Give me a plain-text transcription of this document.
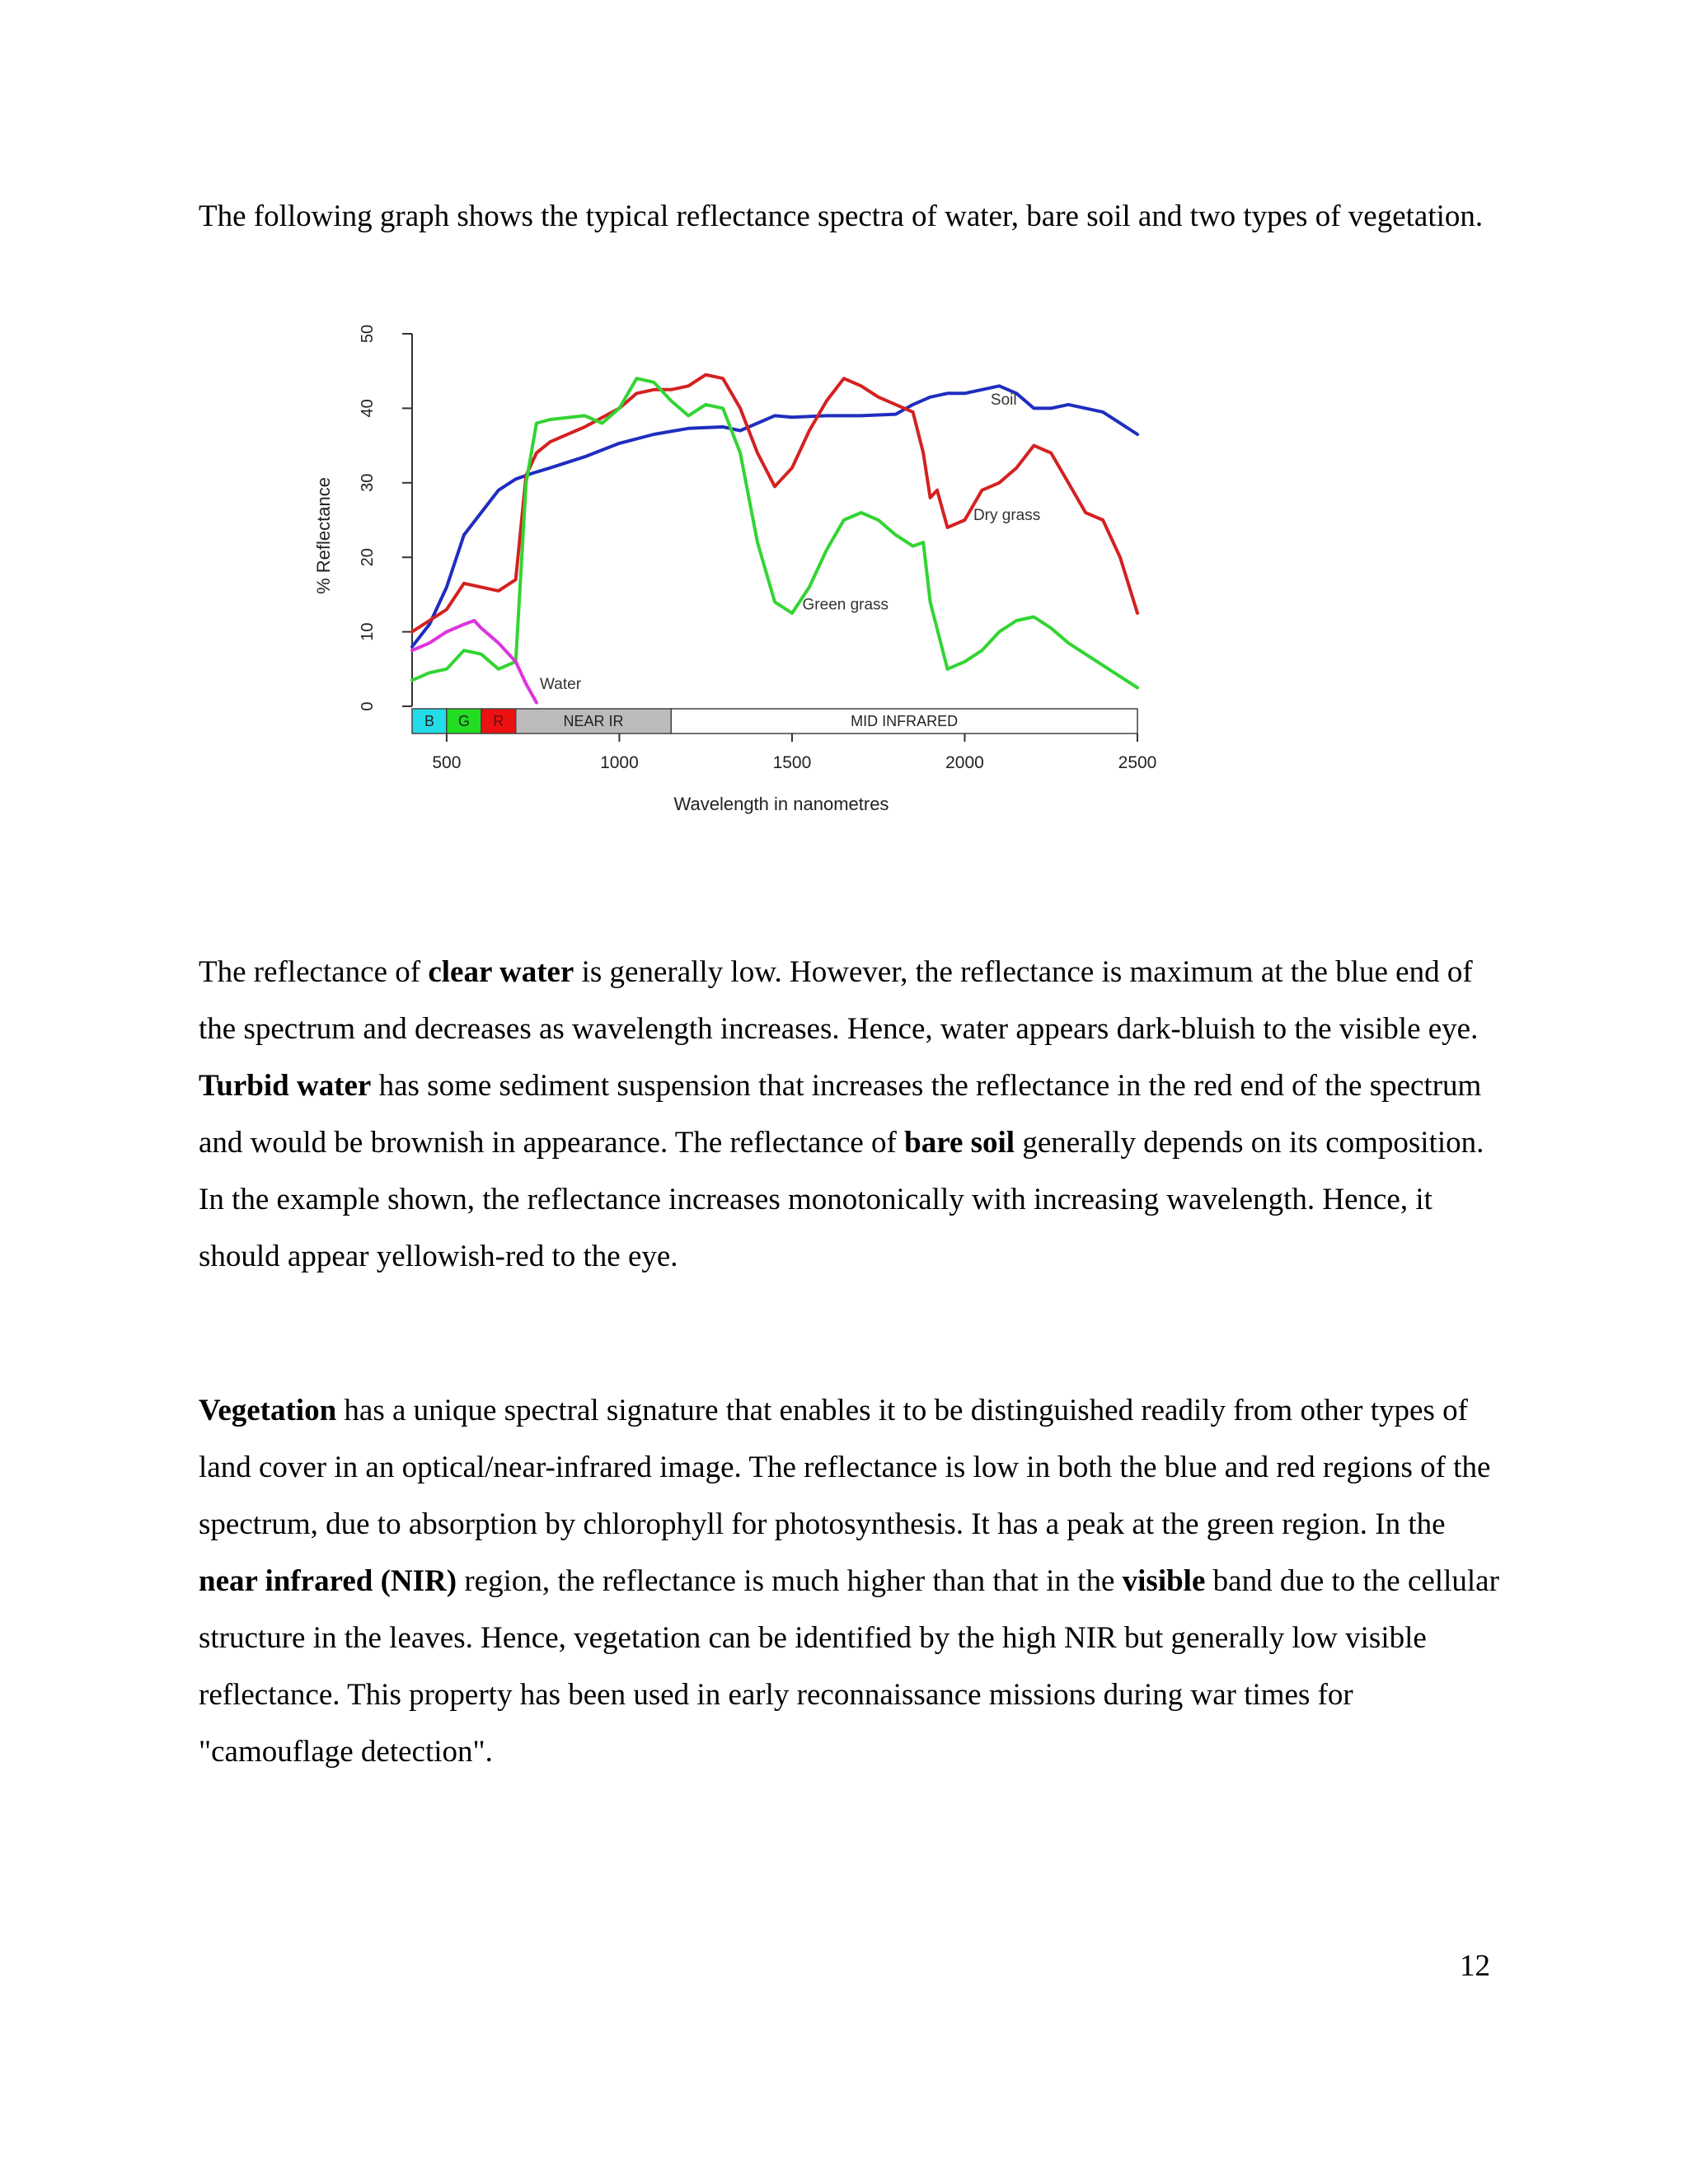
The following graph shows the typical reflectance spectra of water, bare soil and two types of vegetation.

0
10
20
30
40
50
Soil
Dry grass
Green grass
Water
B G R	NEAR IR	MID INFRARED
500	1000	1500	2000	2500
Wavelength in nanometres
% Reflectance

The reflectance of clear water is generally low. However, the reflectance is maximum at the blue end of the spectrum and decreases as wavelength increases. Hence, water appears dark-bluish to the visible eye. Turbid water has some sediment suspension that increases the reflectance in the red end of the spectrum and would be brownish in appearance. The reflectance of bare soil generally depends on its composition. In the example shown, the reflectance increases monotonically with increasing wavelength. Hence, it should appear yellowish-red to the eye.

Vegetation has a unique spectral signature that enables it to be distinguished readily from other types of land cover in an optical/near-infrared image. The reflectance is low in both the blue and red regions of the spectrum, due to absorption by chlorophyll for photosynthesis. It has a peak at the green region. In the near infrared (NIR) region, the reflectance is much higher than that in the visible band due to the cellular structure in the leaves. Hence, vegetation can be identified by the high NIR but generally low visible reflectance. This property has been used in early reconnaissance missions during war times for "camouflage detection".

12
